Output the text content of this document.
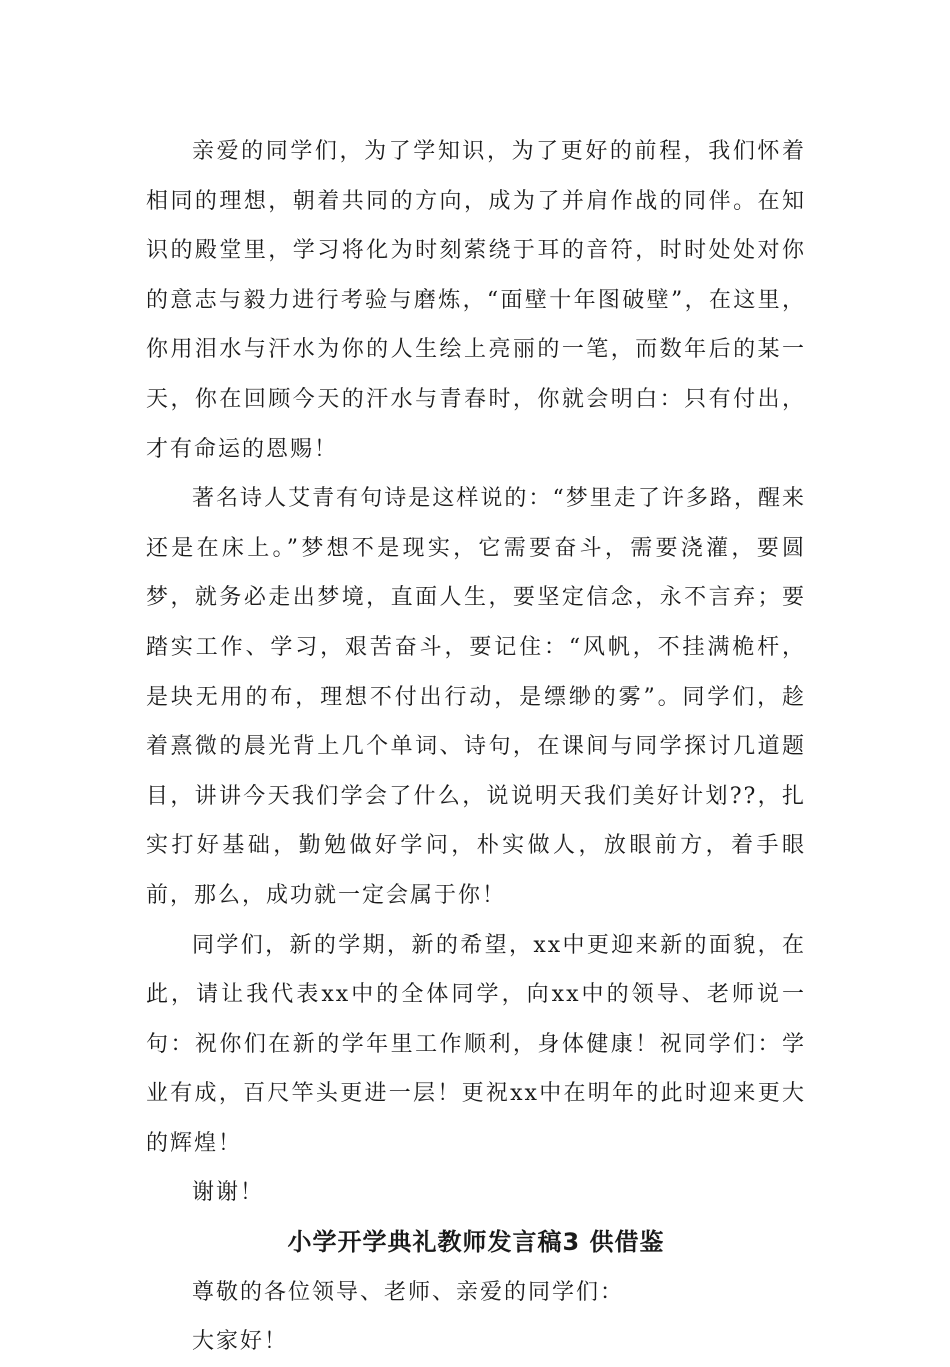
亲爱的同学们，为了学知识，为了更好的前程，我们怀着相同的理想，朝着共同的方向，成为了并肩作战的同伴。在知识的殿堂里，学习将化为时刻萦绕于耳的音符，时时处处对你的意志与毅力进行考验与磨炼，“面壁十年图破壁”，在这里，你用泪水与汗水为你的人生绘上亮丽的一笔，而数年后的某一天，你在回顾今天的汗水与青春时，你就会明白：只有付出，才有命运的恩赐！

著名诗人艾青有句诗是这样说的：“梦里走了许多路，醒来还是在床上。”梦想不是现实，它需要奋斗，需要浇灌，要圆梦，就务必走出梦境，直面人生，要坚定信念，永不言弃；要踏实工作、学习，艰苦奋斗，要记住：“风帆，不挂满桅杆，是块无用的布，理想不付出行动，是缥缈的雾”。同学们，趁着熹微的晨光背上几个单词、诗句，在课间与同学探讨几道题目，讲讲今天我们学会了什么，说说明天我们美好计划??，扎实打好基础，勤勉做好学问，朴实做人，放眼前方，着手眼前，那么，成功就一定会属于你！

同学们，新的学期，新的希望，xx中更迎来新的面貌，在此，请让我代表xx中的全体同学，向xx中的领导、老师说一句：祝你们在新的学年里工作顺利，身体健康！祝同学们：学业有成，百尺竿头更进一层！更祝xx中在明年的此时迎来更大的辉煌！

谢谢！

小学开学典礼教师发言稿3 供借鉴

尊敬的各位领导、老师、亲爱的同学们：

大家好！
